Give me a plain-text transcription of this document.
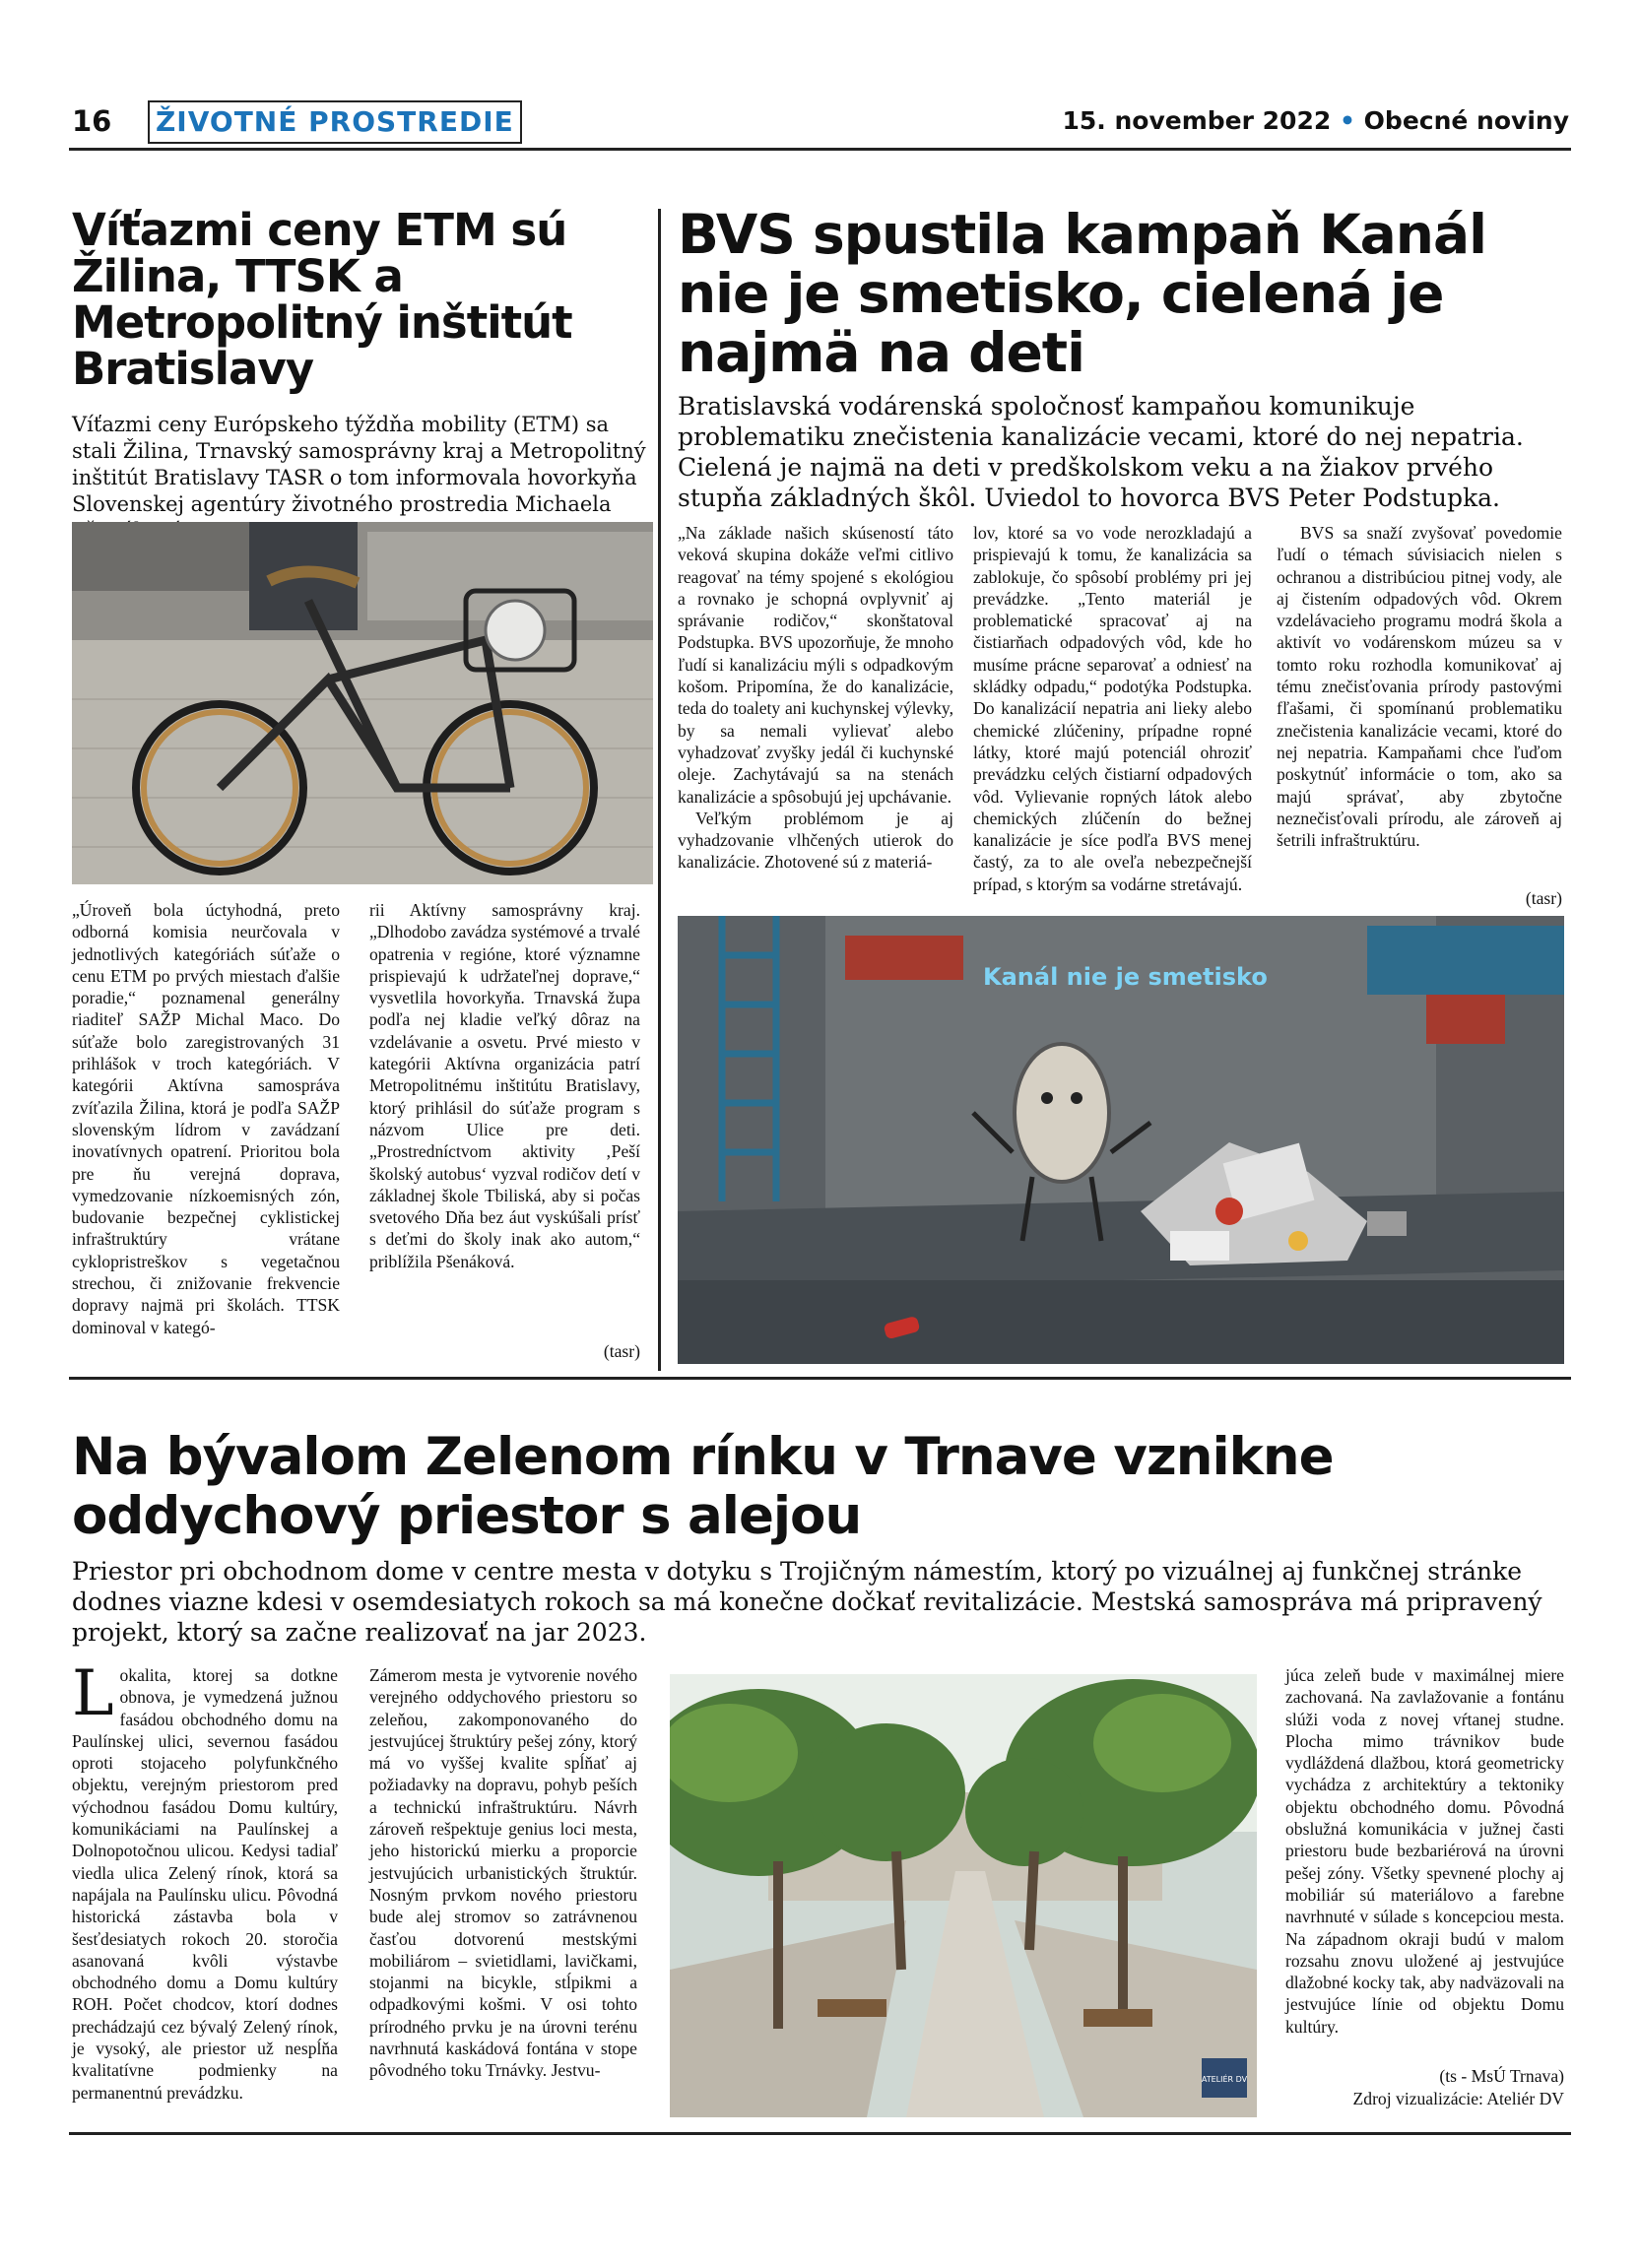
16 ŽIVOTNÉ PROSTREDIE	15. november 2022 • Obecné noviny
Víťazmi ceny ETM sú Žilina, TTSK a Metropolitný inštitút Bratislavy
Víťazmi ceny Európskeho týždňa mobility (ETM) sa stali Žilina, Trnavský samosprávny kraj a Metropolitný inštitút Bratislavy TASR o tom informovala hovorkyňa Slovenskej agentúry životného prostredia Michaela
„Úroveň bola úctyhodná, preto odborná komisia neurčovala v jednotlivých kategóriách súťaže o cenu ETM po prvých miestach ďalšie poradie,“ poznamenal generálny riaditeľ SAŽP Michal Maco. Do súťaže bolo zaregistrovaných 31 prihlášok v troch kategóriách. V kategórii Aktívna samospráva zvíťazila Žilina, ktorá je podľa SAŽP slovenským lídrom v zavádzaní inovatívnych opatrení. Prioritou bola pre ňu verejná doprava, vymedzovanie nízkoemisných zón, budovanie bezpečnej cyklistickej infraštruktúry vrátane cyklopristreškov s vegetačnou strechou, či znižovanie frekvencie dopravy najmä pri školách. TTSK dominoval v kategó-
rii Aktívny samosprávny kraj. „Dlhodobo zavádza systémové a trvalé opatrenia v regióne, ktoré významne prispievajú k udržateľnej doprave,“ vysvetlila hovorkyňa. Trnavská župa podľa nej kladie veľký dôraz na vzdelávanie a osvetu. Prvé miesto v kategórii Aktívna organizácia patrí Metropolitnému inštitútu Bratislavy, ktorý prihlásil do súťaže program s názvom Ulice pre deti. „Prostredníctvom aktivity ‚Peší školský autobus‘ vyzval rodičov detí v základnej škole Tbiliská, aby si počas svetového Dňa bez áut vyskúšali prísť s deťmi do školy inak ako autom,“ priblížila Pšenáková.
(tasr)
BVS spustila kampaň Kanál nie je smetisko, cielená je najmä na deti
Bratislavská vodárenská spoločnosť kampaňou komunikuje problematiku znečistenia kanalizácie vecami, ktoré do nej nepatria. Cielená je najmä na deti v predškolskom veku a na žiakov prvého stupňa základných škôl. Uviedol to hovorca BVS Peter Podstupka.
„Na základe našich skúseností táto veková skupina dokáže veľmi citlivo reagovať na témy spojené s ekológiou a rovnako je schopná ovplyvniť aj správanie rodičov,“ skonštatoval Podstupka. BVS upozorňuje, že mnoho ľudí si kanalizáciu mýli s odpadkovým košom. Pripomína, že do kanalizácie, teda do toalety ani kuchynskej výlevky, by sa nemali vylievať alebo vyhadzovať zvyšky jedál či kuchynské oleje. Zachytávajú sa na stenách kanalizácie a spôsobujú jej upchávanie.
Veľkým problémom je aj vyhadzovanie vlhčených utierok do kanalizácie. Zhotovené sú z materiá-
lov, ktoré sa vo vode nerozkladajú a prispievajú k tomu, že kanalizácia sa zablokuje, čo spôsobí problémy pri jej prevádzke. „Tento materiál je problematické spracovať aj na čistiarňach odpadových vôd, kde ho musíme prácne separovať a odniesť na skládky odpadu,“ podotýka Podstupka. Do kanalizácií nepatria ani lieky alebo chemické zlúčeniny, prípadne ropné látky, ktoré majú potenciál ohroziť prevádzku celých čistiarní odpadových vôd. Vylievanie ropných látok alebo chemických zlúčenín do bežnej kanalizácie je síce podľa BVS menej častý, za to ale oveľa nebezpečnejší prípad, s ktorým sa vodárne stretávajú.
BVS sa snaží zvyšovať povedomie ľudí o témach súvisiacich nielen s ochranou a distribúciou pitnej vody, ale aj čistením odpadových vôd. Okrem vzdelávacieho programu modrá škola a aktivít vo vodárenskom múzeu sa v tomto roku rozhodla komunikovať aj tému znečisťovania prírody pastovými fľašami, či spomínanú problematiku znečistenia kanalizácie vecami, ktoré do nej nepatria. Kampaňami chce ľuďom poskytnúť informácie o tom, ako sa majú správať, aby zbytočne neznečisťovali prírodu, ale zároveň aj šetrili infraštruktúru.
(tasr)
Kanál nie je smetisko
Na bývalom Zelenom rínku v Trnave vznikne oddychový priestor s alejou
Priestor pri obchodnom dome v centre mesta v dotyku s Trojičným námestím, ktorý po vizuálnej aj funkčnej stránke dodnes viazne kdesi v osemdesiatych rokoch sa má konečne dočkať revitalizácie. Mestská samospráva má pripravený projekt, ktorý sa začne realizovať na jar 2023.
Lokalita, ktorej sa dotkne obnova, je vymedzená južnou fasádou obchodného domu na Paulínskej ulici, severnou fasádou oproti stojaceho polyfunkčného objektu, verejným priestorom pred východnou fasádou Domu kultúry, komunikáciami na Paulínskej a Dolnopotočnou ulicou. Kedysi tadiaľ viedla ulica Zelený rínok, ktorá sa napájala na Paulínsku ulicu. Pôvodná historická zástavba bola v šesťdesiatych rokoch 20. storočia asanovaná kvôli výstavbe obchodného domu a Domu kultúry ROH. Počet chodcov, ktorí dodnes prechádzajú cez bývalý Zelený rínok, je vysoký, ale priestor už nespĺňa kvalitatívne podmienky na permanentnú prevádzku.
Zámerom mesta je vytvorenie nového verejného oddychového priestoru so zeleňou, zakomponovaného do jestvujúcej štruktúry pešej zóny, ktorý má vo vyššej kvalite spĺňať aj požiadavky na dopravu, pohyb peších a technickú infraštruktúru. Návrh zároveň rešpektuje genius loci mesta, jeho historickú mierku a proporcie jestvujúcich urbanistických štruktúr. Nosným prvkom nového priestoru bude alej stromov so zatrávnenou časťou dotvorenú mestskými mobiliárom – svietidlami, lavičkami, stojanmi na bicykle, stĺpikmi a odpadkovými košmi. V osi tohto prírodného prvku je na úrovni terénu navrhnutá kaskádová fontána v stope pôvodného toku Trnávky. Jestvu-	ATELIÉR DV
júca zeleň bude v maximálnej miere zachovaná. Na zavlažovanie a fontánu slúži voda z novej vŕtanej studne. Plocha mimo trávnikov bude vydláždená dlažbou, ktorá geometricky vychádza z architektúry a tektoniky objektu obchodného domu. Pôvodná obslužná komunikácia v južnej časti priestoru bude bezbariérová na úrovni pešej zóny. Všetky spevnené plochy aj mobiliár sú materiálovo a farebne navrhnuté v súlade s koncepciou mesta. Na západnom okraji budú v malom rozsahu znovu uložené aj jestvujúce dlažobné kocky tak, aby nadväzovali na jestvujúce línie od objektu Domu kultúry.
(ts - MsÚ Trnava)
Zdroj vizualizácie: Ateliér DV
